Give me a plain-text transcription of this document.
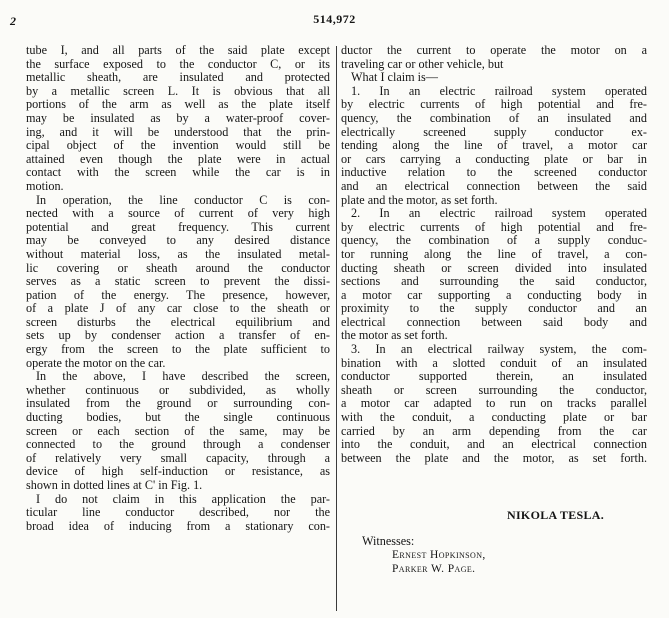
2	514,972
tube I, and all parts of the said plate except
the surface exposed to the conductor C, or its
metallic sheath, are insulated and protected
by a metallic screen L. It is obvious that all
portions of the arm as well as the plate itself
may be insulated as by a water-proof cover-
ing, and it will be understood that the prin-
cipal object of the invention would still be
attained even though the plate were in actual
contact with the screen while the car is in
motion.
In operation, the line conductor C is con-
nected with a source of current of very high
potential and great frequency. This current
may be conveyed to any desired distance
without material loss, as the insulated metal-
lic covering or sheath around the conductor
serves as a static screen to prevent the dissi-
pation of the energy. The presence, however,
of a plate J of any car close to the sheath or
screen disturbs the electrical equilibrium and
sets up by condenser action a transfer of en-
ergy from the screen to the plate sufficient to
operate the motor on the car.
In the above, I have described the screen,
whether continuous or subdivided, as wholly
insulated from the ground or surrounding con-
ducting bodies, but the single continuous
screen or each section of the same, may be
connected to the ground through a condenser
of relatively very small capacity, through a
device of high self-induction or resistance, as
shown in dotted lines at C' in Fig. 1.
I do not claim in this application the par-
ticular line conductor described, nor the
broad idea of inducing from a stationary con-
ductor the current to operate the motor on a
traveling car or other vehicle, but
What I claim is—
1. In an electric railroad system operated
by electric currents of high potential and fre-
quency, the combination of an insulated and
electrically screened supply conductor ex-
tending along the line of travel, a motor car
or cars carrying a conducting plate or bar in
inductive relation to the screened conductor
and an electrical connection between the said
plate and the motor, as set forth.
2. In an electric railroad system operated
by electric currents of high potential and fre-
quency, the combination of a supply conduc-
tor running along the line of travel, a con-
ducting sheath or screen divided into insulated
sections and surrounding the said conductor,
a motor car supporting a conducting body in
proximity to the supply conductor and an
electrical connection between said body and
the motor as set forth.
3. In an electrical railway system, the com-
bination with a slotted conduit of an insulated
conductor supported therein, an insulated
sheath or screen surrounding the conductor,
a motor car adapted to run on tracks parallel
with the conduit, a conducting plate or bar
carried by an arm depending from the car
into the conduit, and an electrical connection
between the plate and the motor, as set forth.
NIKOLA TESLA.
Witnesses:
Ernest Hopkinson,
Parker W. Page.
